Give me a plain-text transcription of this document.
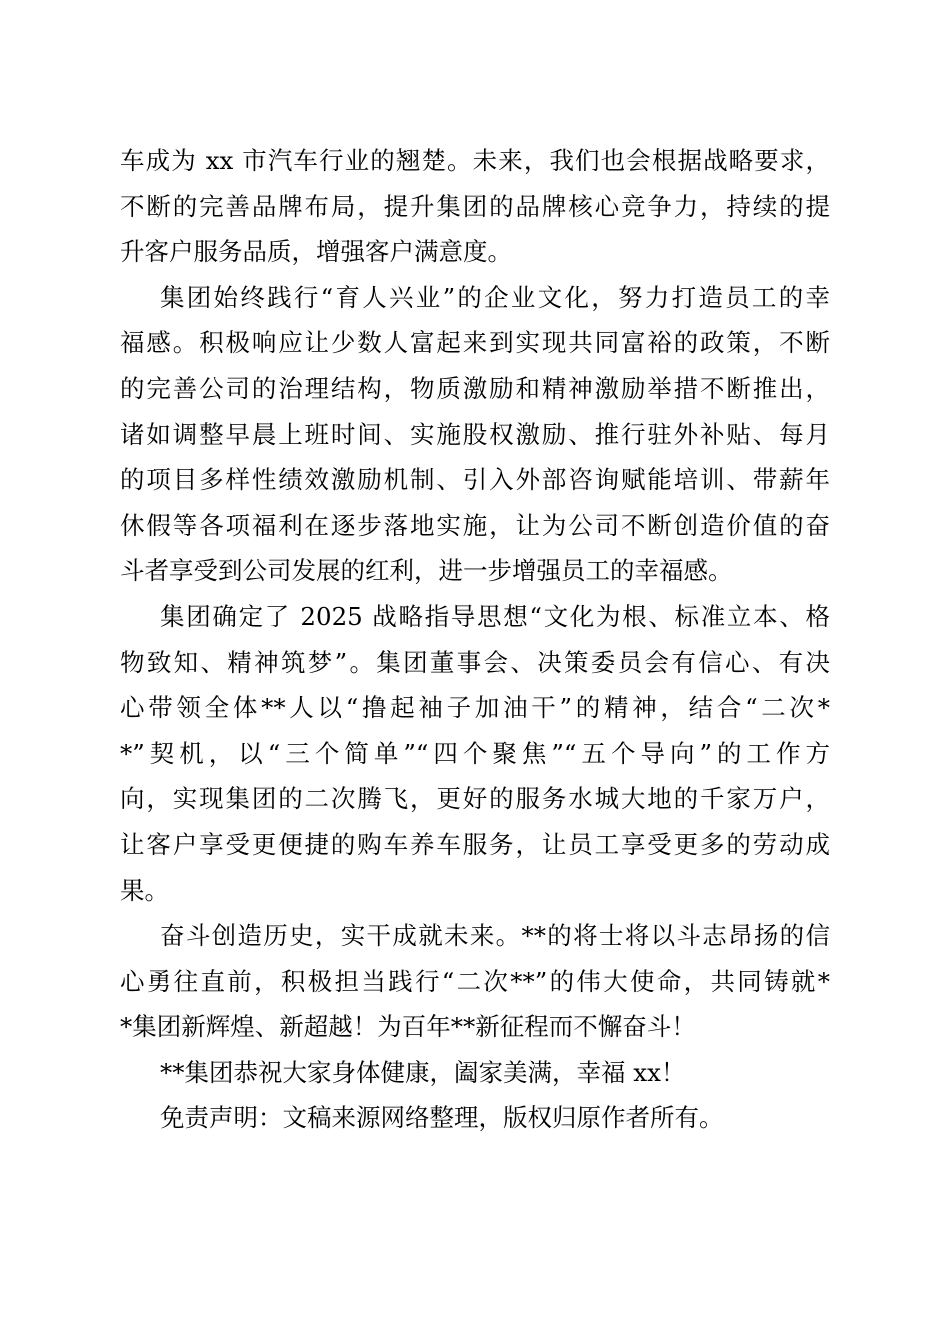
车成为 xx 市汽车行业的翘楚。未来，我们也会根据战略要求，
不断的完善品牌布局，提升集团的品牌核心竞争力，持续的提
升客户服务品质，增强客户满意度。
集团始终践行“育人兴业”的企业文化，努力打造员工的幸
福感。积极响应让少数人富起来到实现共同富裕的政策，不断
的完善公司的治理结构，物质激励和精神激励举措不断推出，
诸如调整早晨上班时间、实施股权激励、推行驻外补贴、每月
的项目多样性绩效激励机制、引入外部咨询赋能培训、带薪年
休假等各项福利在逐步落地实施，让为公司不断创造价值的奋
斗者享受到公司发展的红利，进一步增强员工的幸福感。
集团确定了 2025 战略指导思想“文化为根、标准立本、格
物致知、精神筑梦”。集团董事会、决策委员会有信心、有决
心带领全体**人以“撸起袖子加油干”的精神，结合“二次*
*”契机，以“三个简单”“四个聚焦”“五个导向”的工作方
向，实现集团的二次腾飞，更好的服务水城大地的千家万户，
让客户享受更便捷的购车养车服务，让员工享受更多的劳动成
果。
奋斗创造历史，实干成就未来。**的将士将以斗志昂扬的信
心勇往直前，积极担当践行“二次**”的伟大使命，共同铸就*
*集团新辉煌、新超越！为百年**新征程而不懈奋斗！
**集团恭祝大家身体健康，阖家美满，幸福 xx！
免责声明：文稿来源网络整理，版权归原作者所有。
